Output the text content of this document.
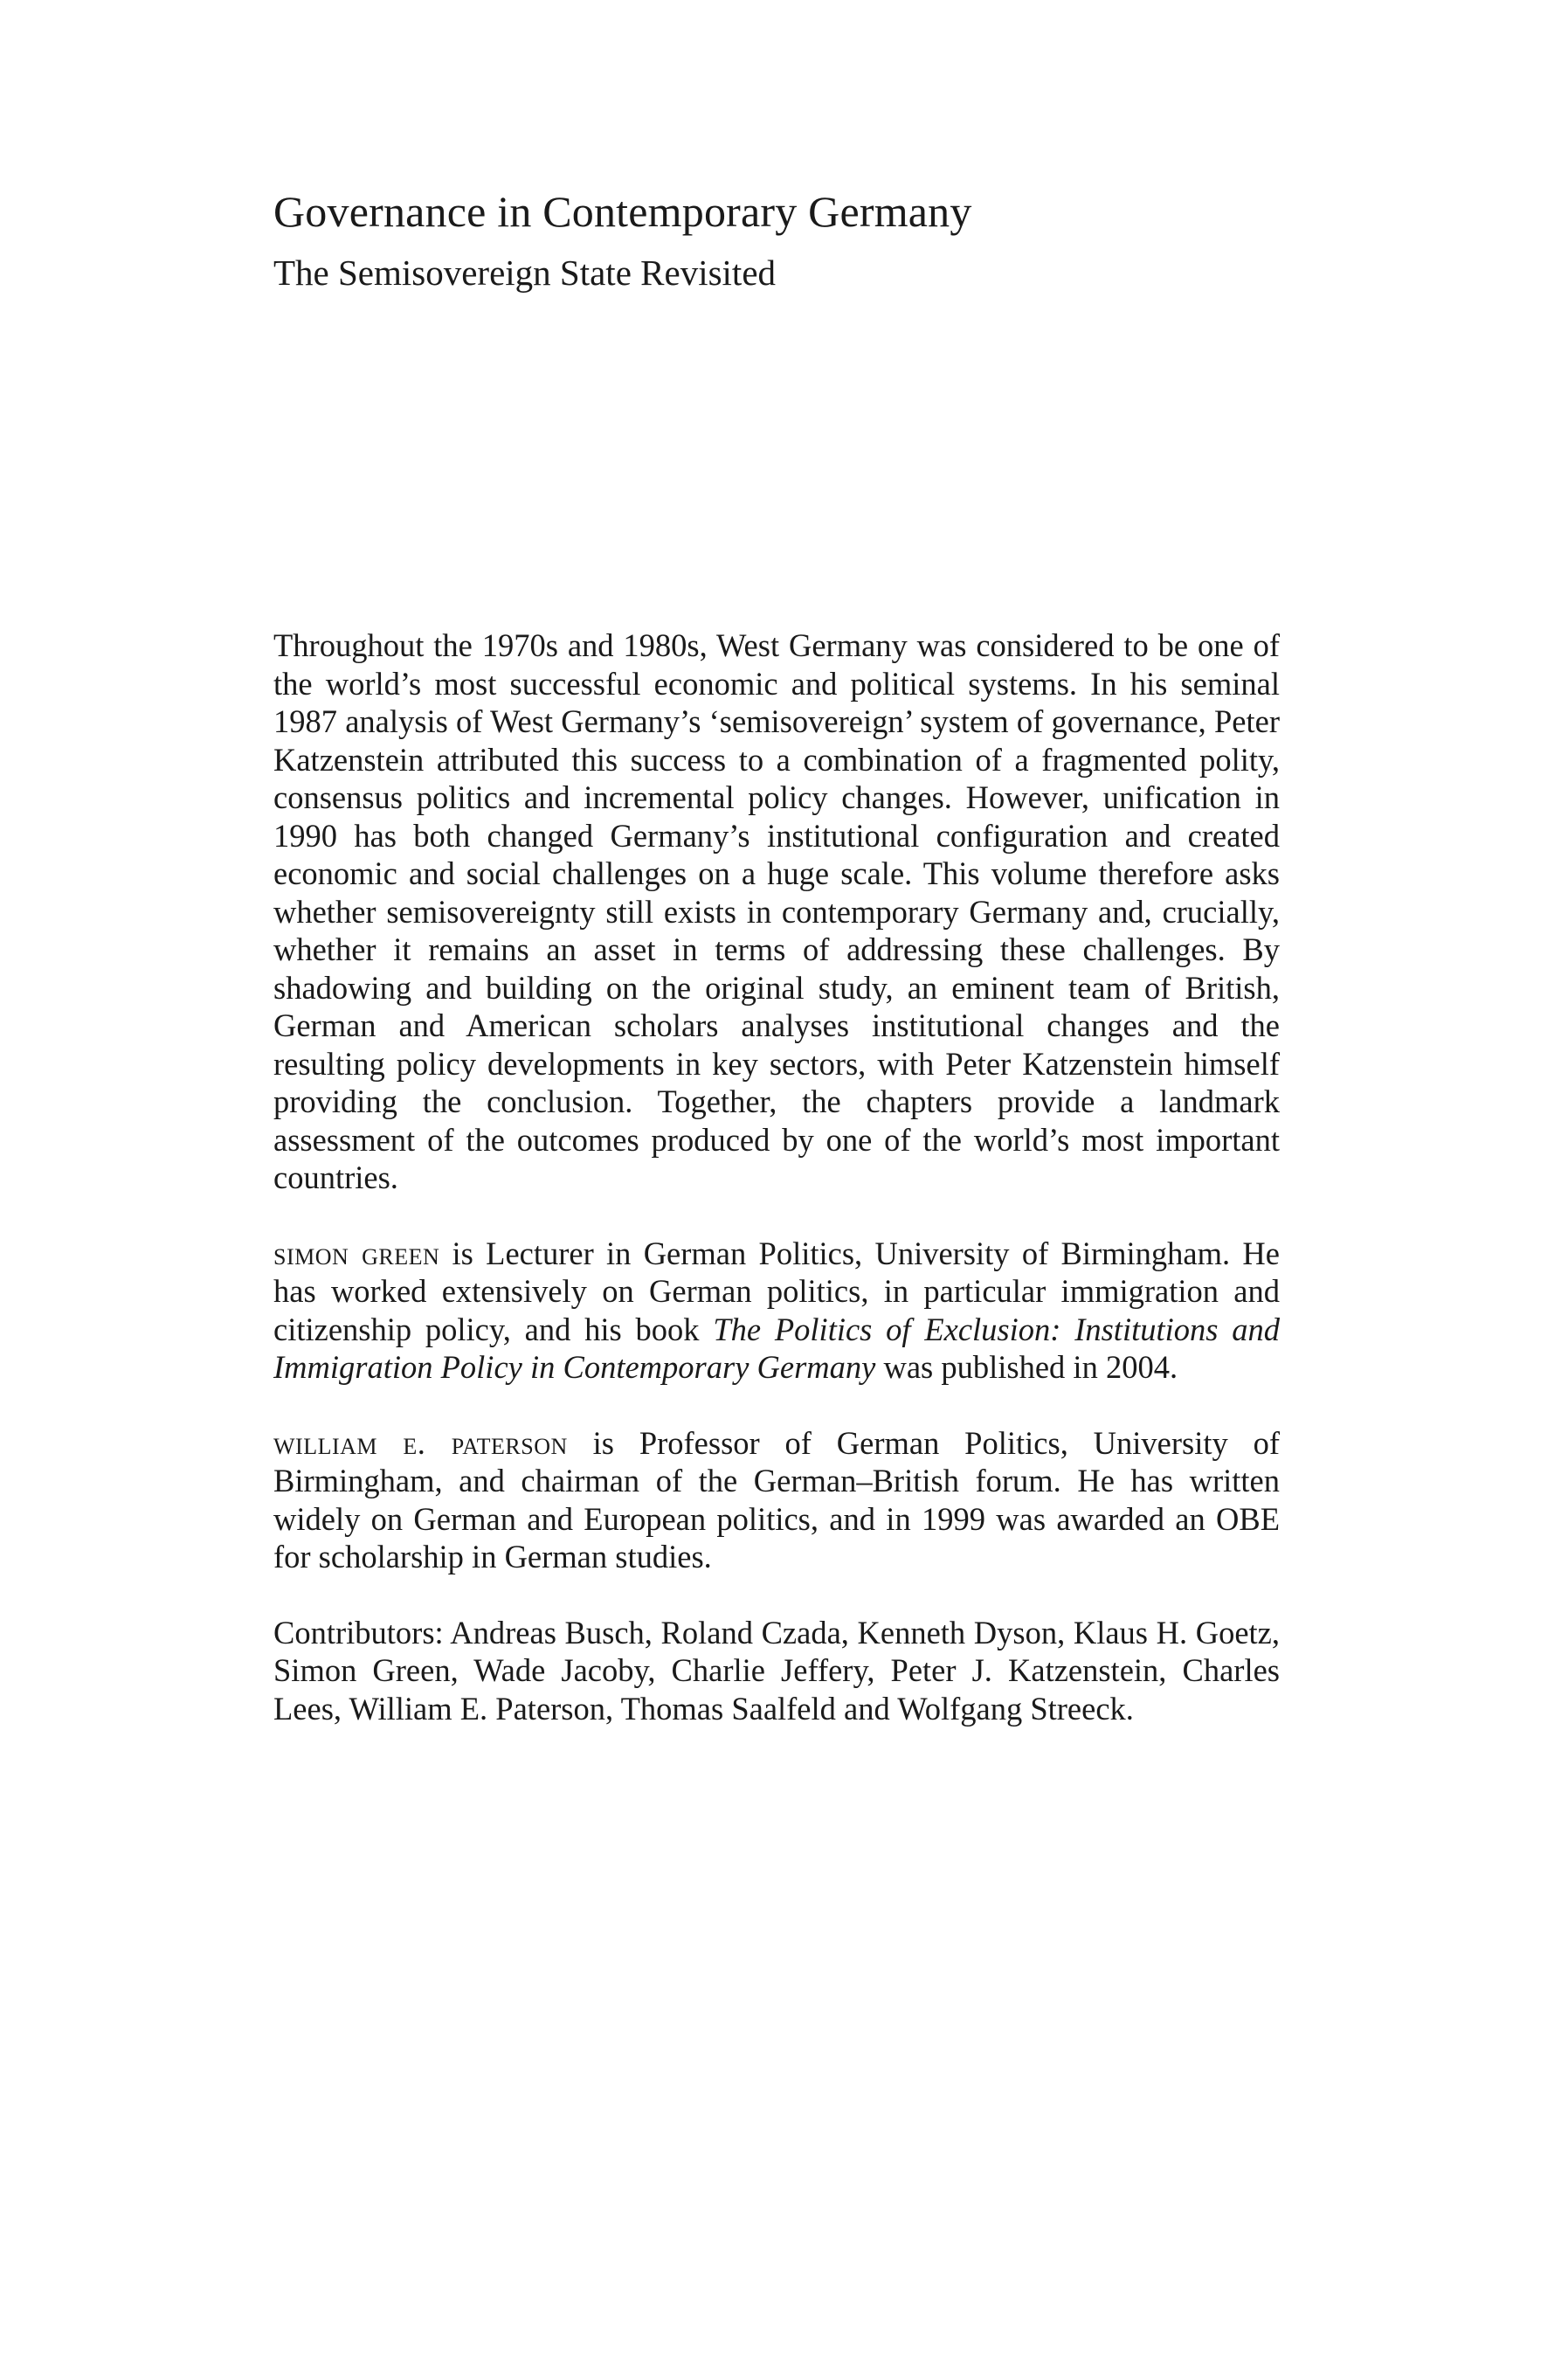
Governance in Contemporary Germany
The Semisovereign State Revisited

Throughout the 1970s and 1980s, West Germany was considered to be one of the world’s most successful economic and political systems. In his seminal 1987 analysis of West Germany’s ‘semisovereign’ system of governance, Peter Katzenstein attributed this success to a combination of a fragmented polity, consensus politics and incremental policy changes. However, unification in 1990 has both changed Germany’s institutional configuration and created economic and social challenges on a huge scale. This volume therefore asks whether semisovereignty still exists in contemporary Germany and, crucially, whether it remains an asset in terms of addressing these challenges. By shadowing and building on the original study, an eminent team of British, German and American scholars analyses institutional changes and the resulting policy developments in key sectors, with Peter Katzenstein himself providing the conclusion. Together, the chapters provide a landmark assessment of the outcomes produced by one of the world’s most important countries.

simon green is Lecturer in German Politics, University of Birmingham. He has worked extensively on German politics, in particular immigration and citizenship policy, and his book The Politics of Exclusion: Institutions and Immigration Policy in Contemporary Germany was published in 2004.

william e. paterson is Professor of German Politics, University of Birmingham, and chairman of the German–British forum. He has written widely on German and European politics, and in 1999 was awarded an OBE for scholarship in German studies.

Contributors: Andreas Busch, Roland Czada, Kenneth Dyson, Klaus H. Goetz, Simon Green, Wade Jacoby, Charlie Jeffery, Peter J. Katzenstein, Charles Lees, William E. Paterson, Thomas Saalfeld and Wolfgang Streeck.
